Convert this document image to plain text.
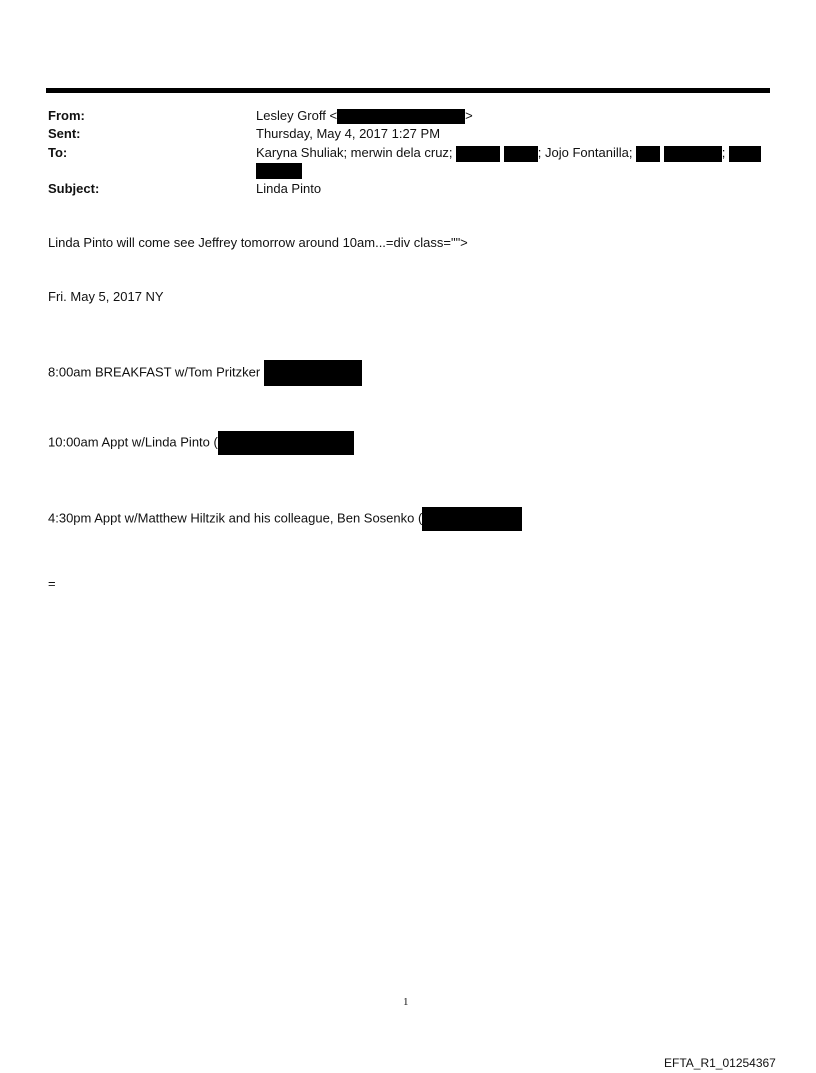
From:	Lesley Groff <	>
Sent:	Thursday, May 4, 2017 1:27 PM
To:	Karyna Shuliak; merwin dela cruz;	; Jojo Fontanilla;	;
Subject:	Linda Pinto
Linda Pinto will come see Jeffrey tomorrow around 10am...=div class="">
Fri. May 5, 2017 NY
8:00am BREAKFAST w/Tom Pritzker
10:00am Appt w/Linda Pinto (
4:30pm Appt w/Matthew Hiltzik and his colleague, Ben Sosenko (
=
1
EFTA_R1_01254367
